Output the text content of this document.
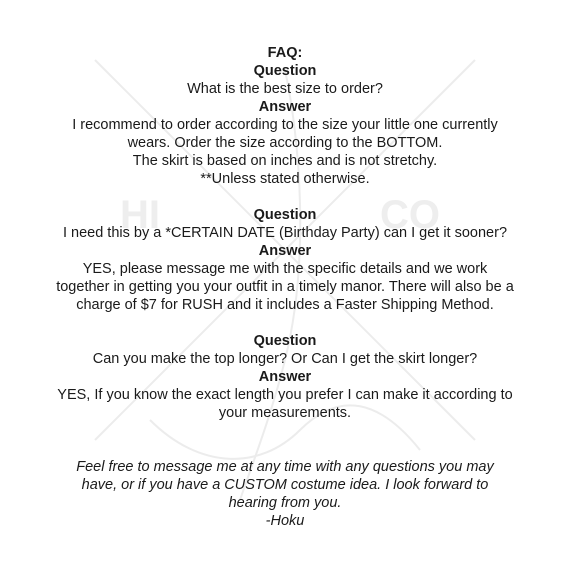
HI	CO

FAQ:

Question

What is the best size to order?

Answer

I recommend to order according to the size your little one currently

wears. Order the size according to the BOTTOM.

The skirt is based on inches and is not stretchy.

**Unless stated otherwise.

Question

I need this by a *CERTAIN DATE (Birthday Party) can I get it sooner?

Answer

YES, please message me with the specific details and we work

together in getting you your outfit in a timely manor. There will also be a

charge of $7 for RUSH and it includes a Faster Shipping Method.

Question

Can you make the top longer? Or Can I get the skirt longer?

Answer

YES, If you know the exact length you prefer I can make it according to

your measurements.

Feel free to message me at any time with any questions you may

have, or if you have a CUSTOM costume idea. I look forward to

hearing from you.

-Hoku
